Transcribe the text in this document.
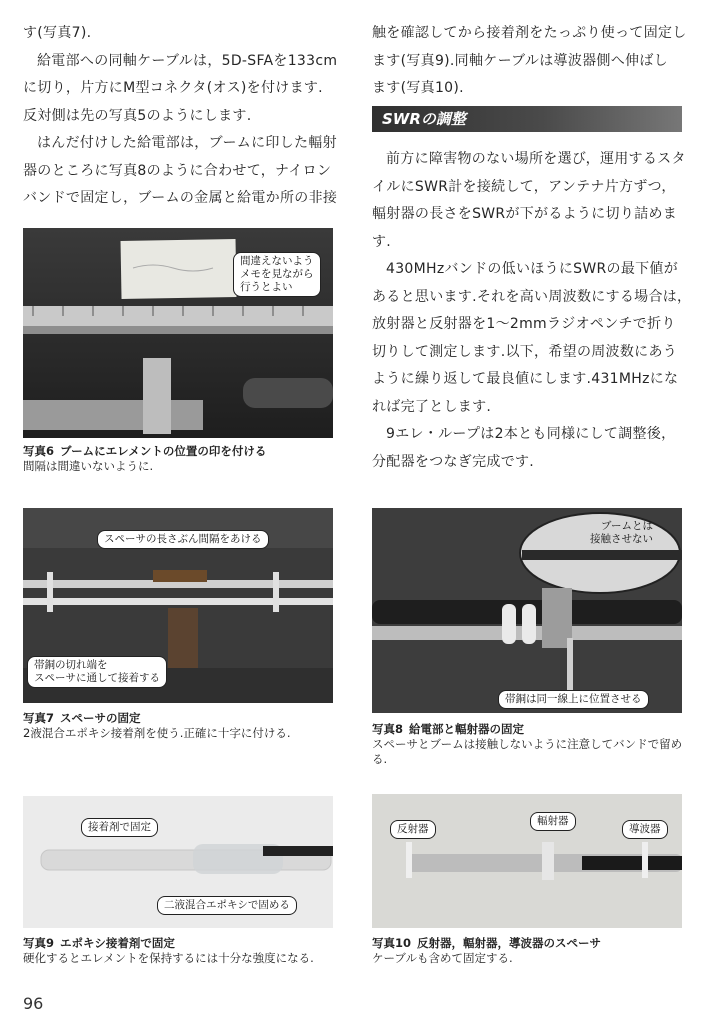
す(写真7).

給電部への同軸ケーブルは，5D-SFAを133cm

に切り，片方にM型コネクタ(オス)を付けます.

反対側は先の写真5のようにします.

はんだ付けした給電部は，ブームに印した輻射

器のところに写真8のように合わせて，ナイロン

バンドで固定し，ブームの金属と給電か所の非接

触を確認してから接着剤をたっぷり使って固定し

ます(写真9).同軸ケーブルは導波器側へ伸ばし

ます(写真10).

SWRの調整

前方に障害物のない場所を選び，運用するスタ

イルにSWR計を接続して，アンテナ片方ずつ，

輻射器の長さをSWRが下がるように切り詰めま

す.

430MHzバンドの低いほうにSWRの最下値が

あると思います.それを高い周波数にする場合は，

放射器と反射器を1～2mmラジオペンチで折り

切りして測定します.以下，希望の周波数にあう

ように繰り返して最良値にします.431MHzにな

れば完了とします.

9エレ・ループは2本とも同様にして調整後，

分配器をつなぎ完成です.

間違えないよう
メモを見ながら
行うとよい
写真6 ブームにエレメントの位置の印を付ける
間隔は間違いないように.
スペーサの長さぶん間隔をあける
帯銅の切れ端を
スペーサに通して接着する
写真7 スペーサの固定
2液混合エポキシ接着剤を使う.正確に十字に付ける.
ブームとは
接触させない
帯銅は同一線上に位置させる
写真8 給電部と輻射器の固定
スペーサとブームは接触しないように注意してバンドで留め
る.
接着剤で固定
二液混合エポキシで固める
写真9 エポキシ接着剤で固定
硬化するとエレメントを保持するには十分な強度になる.
反射器
輻射器
導波器
写真10 反射器，輻射器，導波器のスペーサ
ケーブルも含めて固定する.
96
